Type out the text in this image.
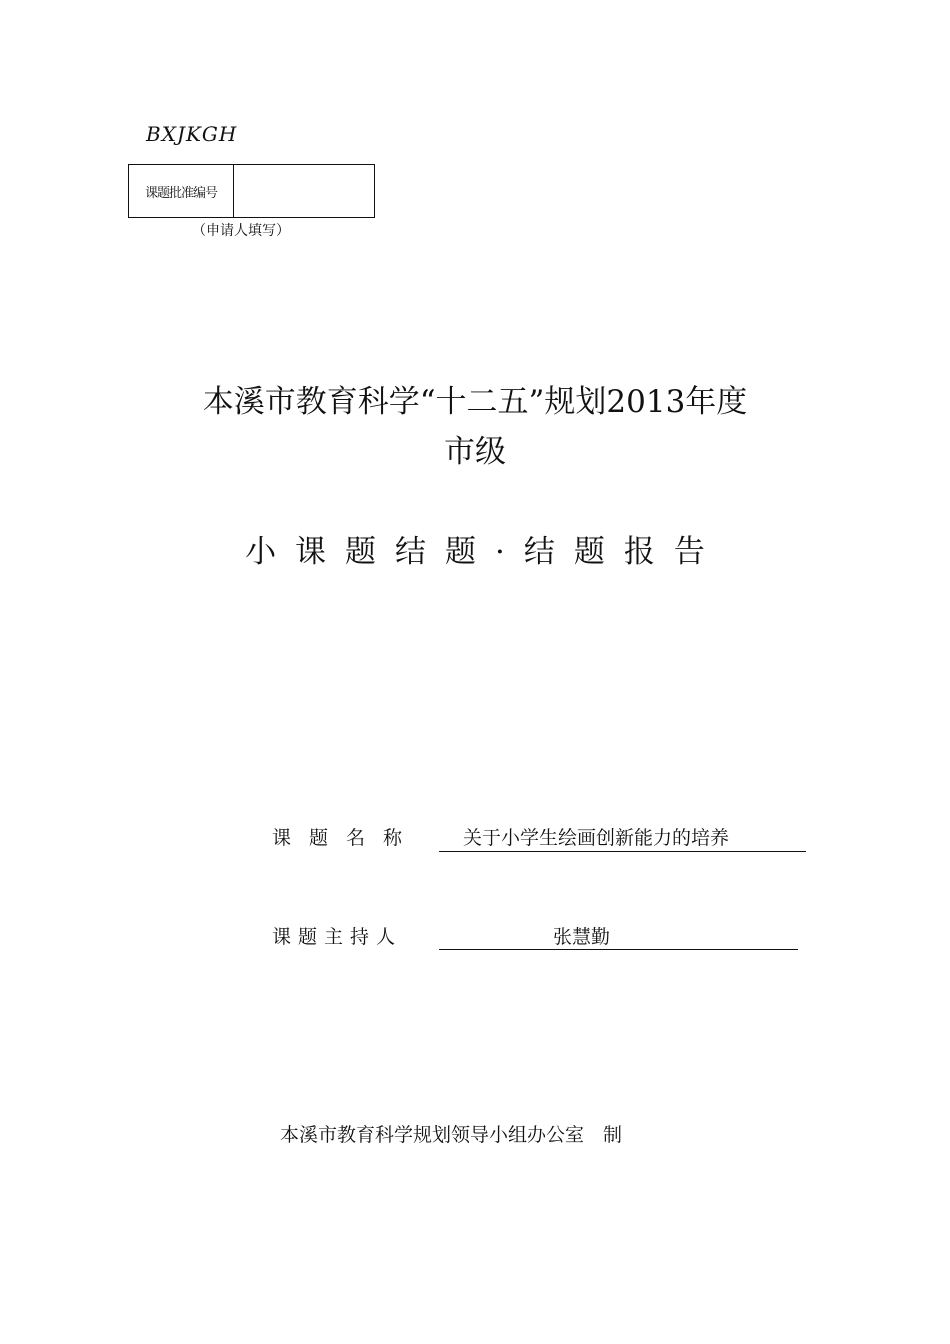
BXJKGH
课题批准编号
（申请人填写）
本溪市教育科学“十二五”规划2013年度
市级
小课题结题·结题报告
课题名称 关于小学生绘画创新能力的培养
课题主持人	张慧勤
本溪市教育科学规划领导小组办公室　制
